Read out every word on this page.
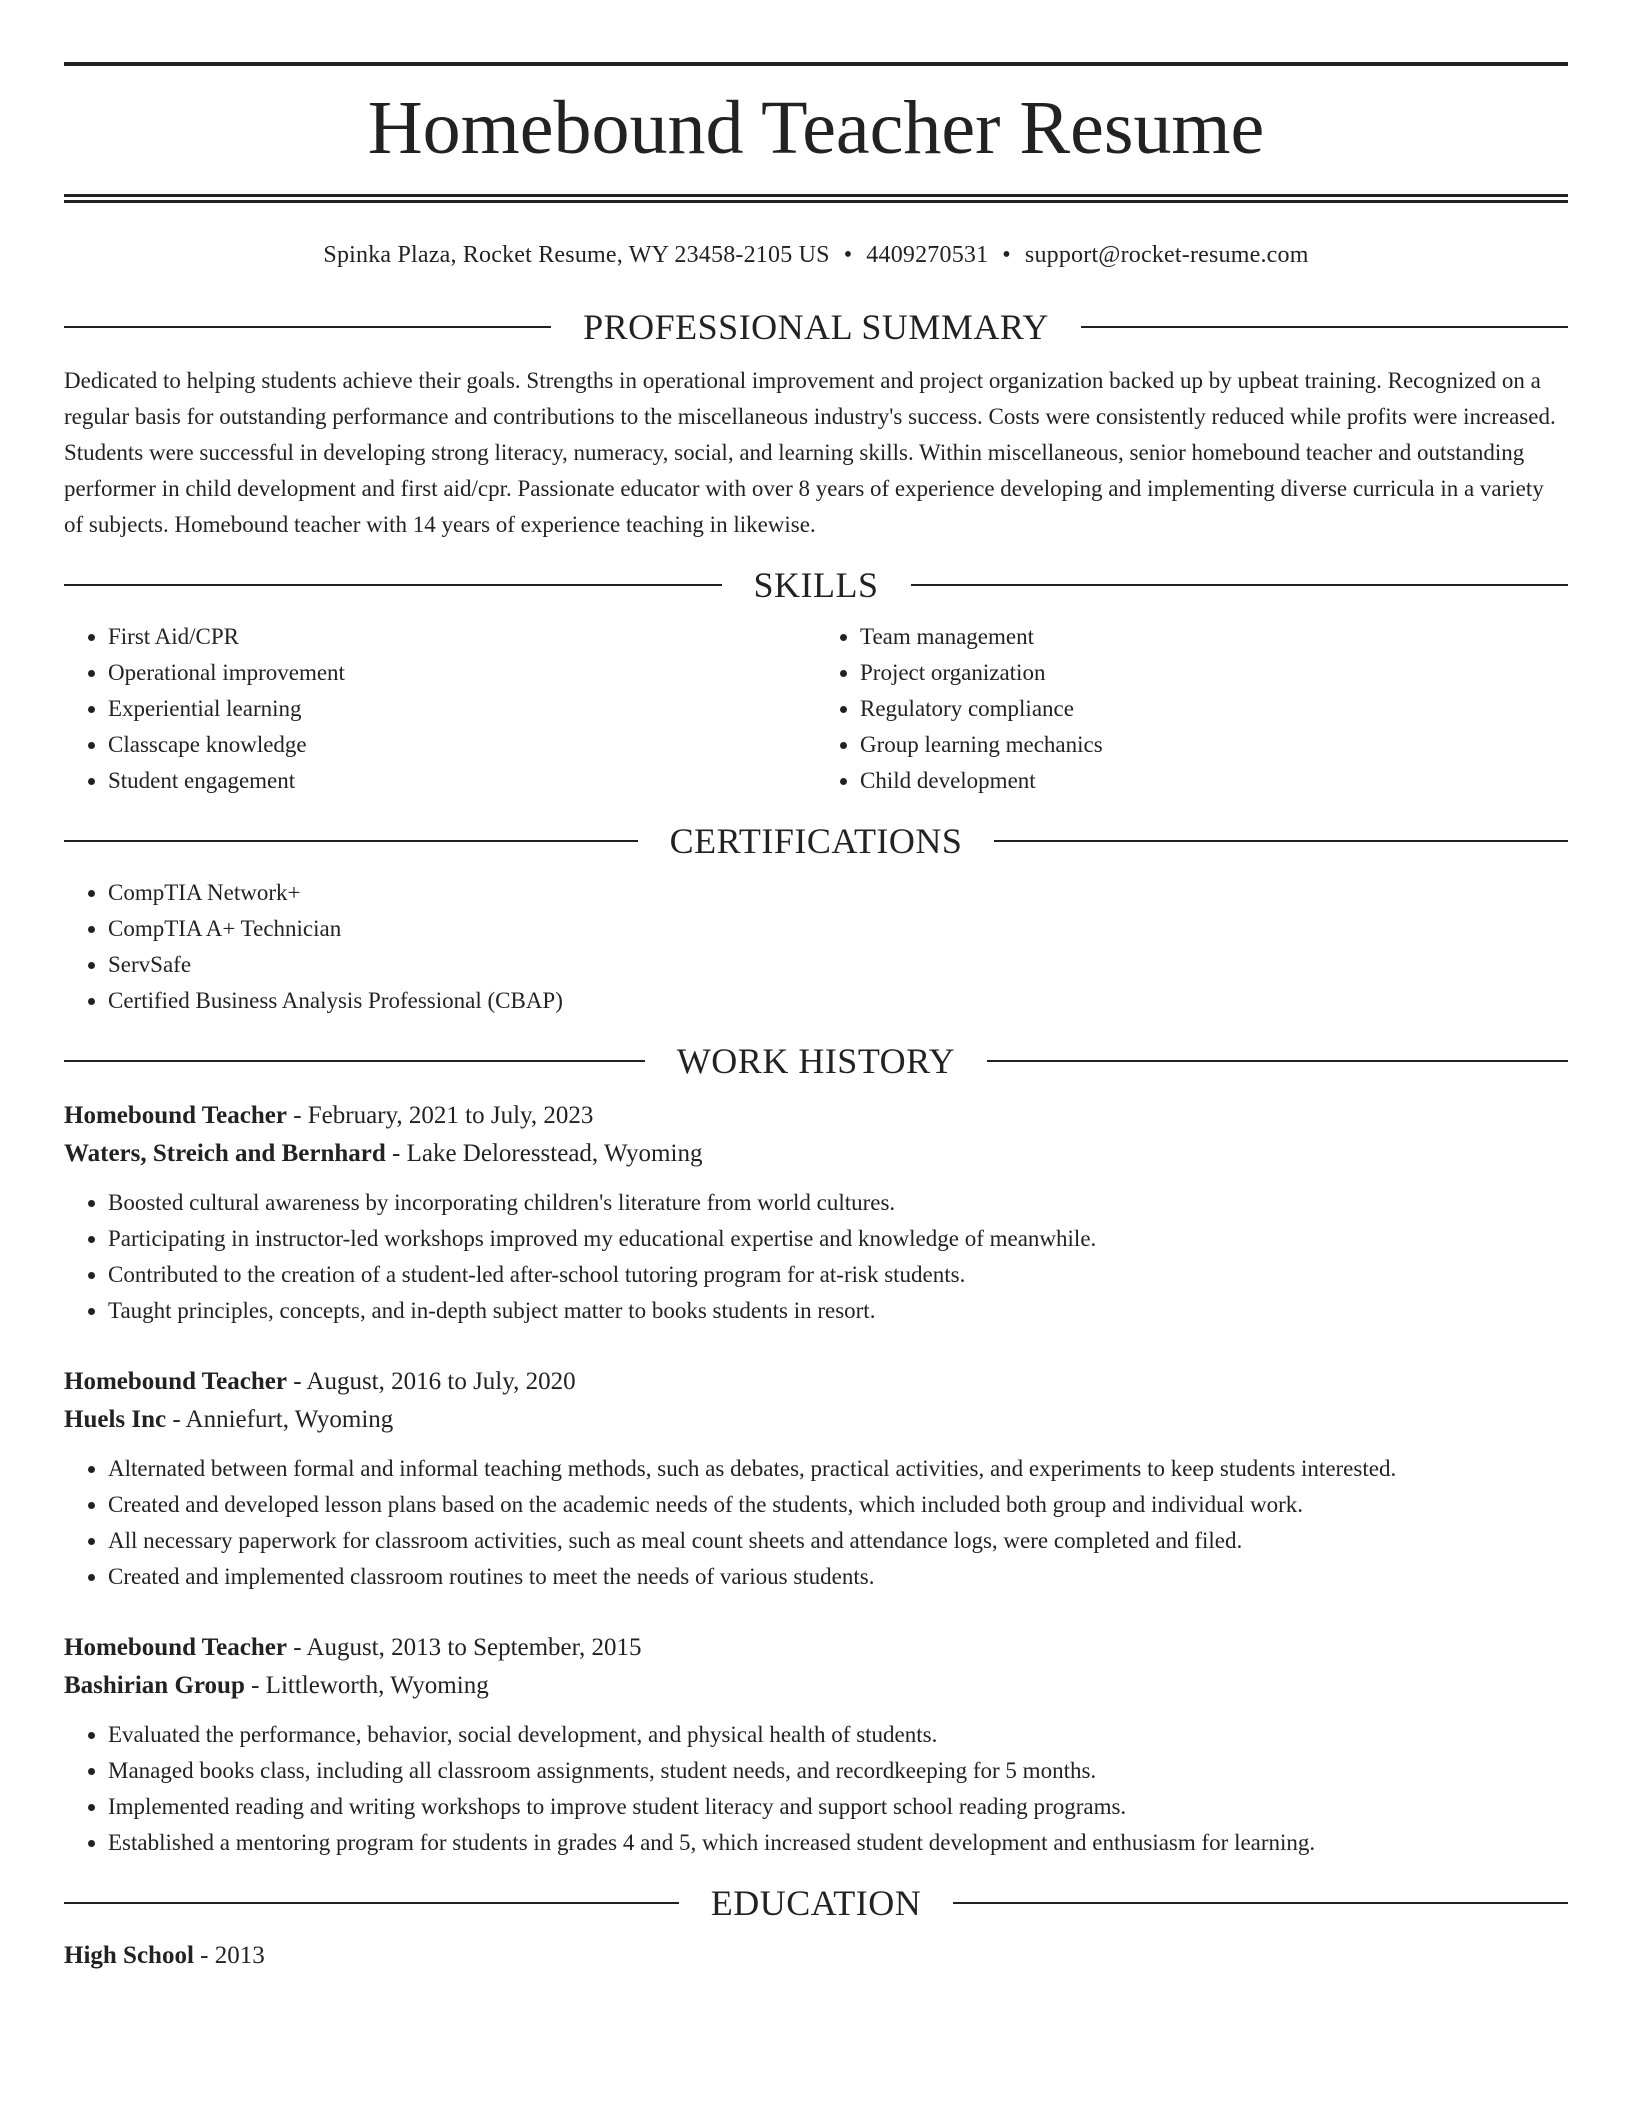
Homebound Teacher Resume
Spinka Plaza, Rocket Resume, WY 23458-2105 US • 4409270531 • support@rocket-resume.com
PROFESSIONAL SUMMARY

Dedicated to helping students achieve their goals. Strengths in operational improvement and project organization backed up by upbeat training. Recognized on a regular basis for outstanding performance and contributions to the miscellaneous industry's success. Costs were consistently reduced while profits were increased. Students were successful in developing strong literacy, numeracy, social, and learning skills. Within miscellaneous, senior homebound teacher and outstanding performer in child development and first aid/cpr. Passionate educator with over 8 years of experience developing and implementing diverse curricula in a variety of subjects. Homebound teacher with 14 years of experience teaching in likewise.

SKILLS
• First Aid/CPR
• Operational improvement
• Experiential learning
• Classcape knowledge
• Student engagement
• Team management
• Project organization
• Regulatory compliance
• Group learning mechanics
• Child development
CERTIFICATIONS
• CompTIA Network+
• CompTIA A+ Technician
• ServSafe
• Certified Business Analysis Professional (CBAP)
WORK HISTORY
Homebound Teacher - February, 2021 to July, 2023
Waters, Streich and Bernhard - Lake Deloresstead, Wyoming
• Boosted cultural awareness by incorporating children's literature from world cultures.
• Participating in instructor-led workshops improved my educational expertise and knowledge of meanwhile.
• Contributed to the creation of a student-led after-school tutoring program for at-risk students.
• Taught principles, concepts, and in-depth subject matter to books students in resort.
Homebound Teacher - August, 2016 to July, 2020
Huels Inc - Anniefurt, Wyoming
• Alternated between formal and informal teaching methods, such as debates, practical activities, and experiments to keep students interested.
• Created and developed lesson plans based on the academic needs of the students, which included both group and individual work.
• All necessary paperwork for classroom activities, such as meal count sheets and attendance logs, were completed and filed.
• Created and implemented classroom routines to meet the needs of various students.
Homebound Teacher - August, 2013 to September, 2015
Bashirian Group - Littleworth, Wyoming
• Evaluated the performance, behavior, social development, and physical health of students.
• Managed books class, including all classroom assignments, student needs, and recordkeeping for 5 months.
• Implemented reading and writing workshops to improve student literacy and support school reading programs.
• Established a mentoring program for students in grades 4 and 5, which increased student development and enthusiasm for learning.
EDUCATION
High School - 2013
